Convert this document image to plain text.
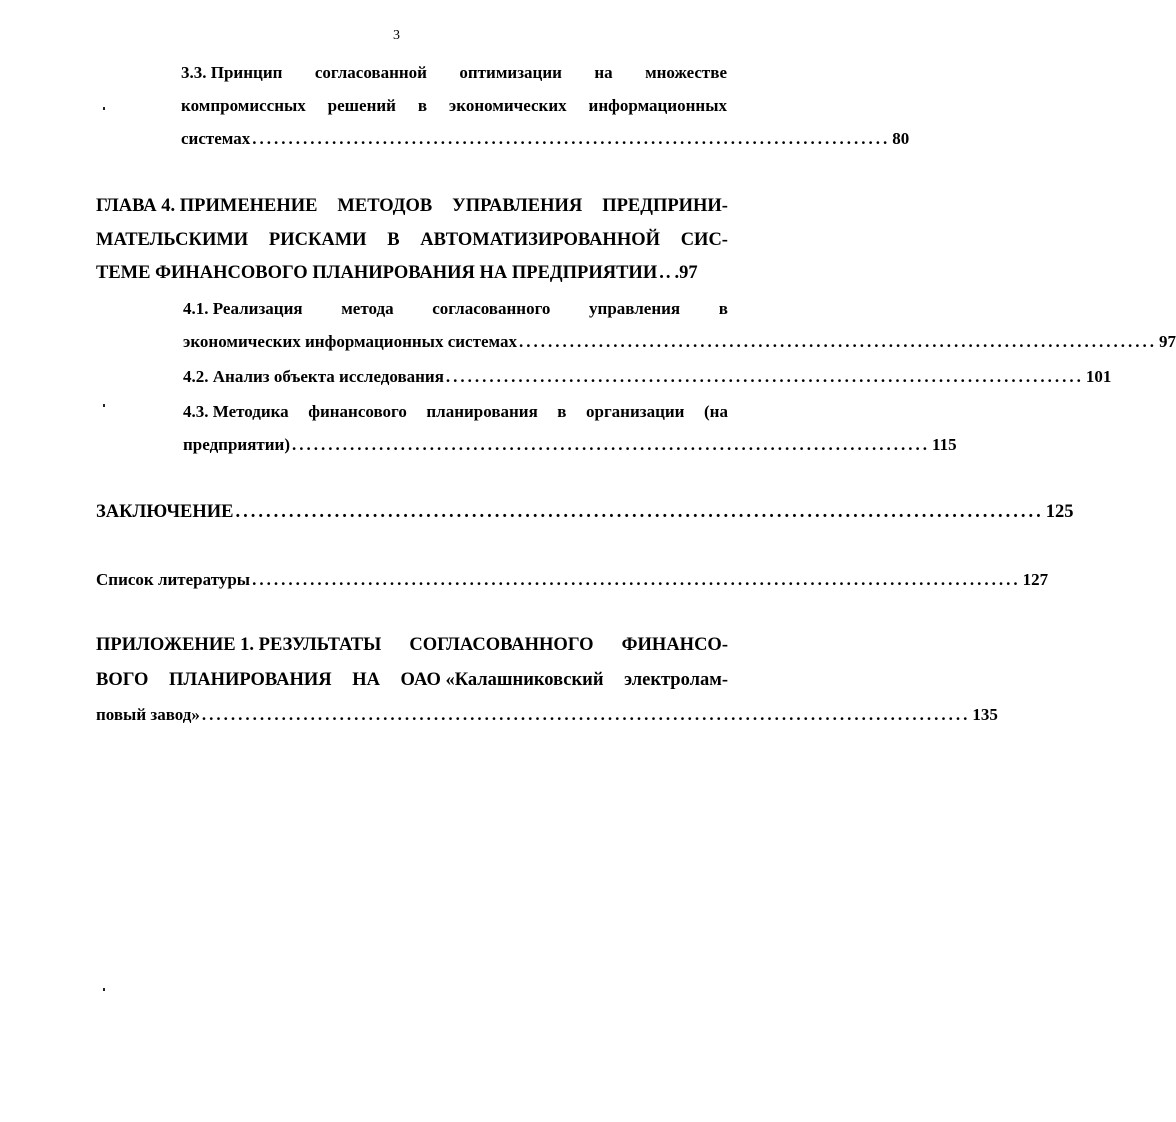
3
3.3. Принцип согласованной оптимизации на множестве
компромиссных решений в экономических информационных
системах ........................................................................................ 80
ГЛАВА 4. ПРИМЕНЕНИЕ МЕТОДОВ УПРАВЛЕНИЯ ПРЕДПРИНИ-
МАТЕЛЬСКИМИ РИСКАМИ В АВТОМАТИЗИРОВАННОЙ СИС-
ТЕМЕ ФИНАНСОВОГО ПЛАНИРОВАНИЯ НА ПРЕДПРИЯТИИ .. .97
4.1. Реализация метода согласованного управления в
экономических информационных системах ........................................................................................ 97
4.2. Анализ объекта исследования ........................................................................................ 101
4.3. Методика финансового планирования в организации (на
предприятии) ........................................................................................ 115
ЗАКЛЮЧЕНИЕ .......................................................................................................... 125
Список литературы .......................................................................................................... 127
ПРИЛОЖЕНИЕ 1. РЕЗУЛЬТАТЫ СОГЛАСОВАННОГО ФИНАНСО-
ВОГО ПЛАНИРОВАНИЯ НА ОАО «Калашниковский электролам-
повый завод» .......................................................................................................... 135
